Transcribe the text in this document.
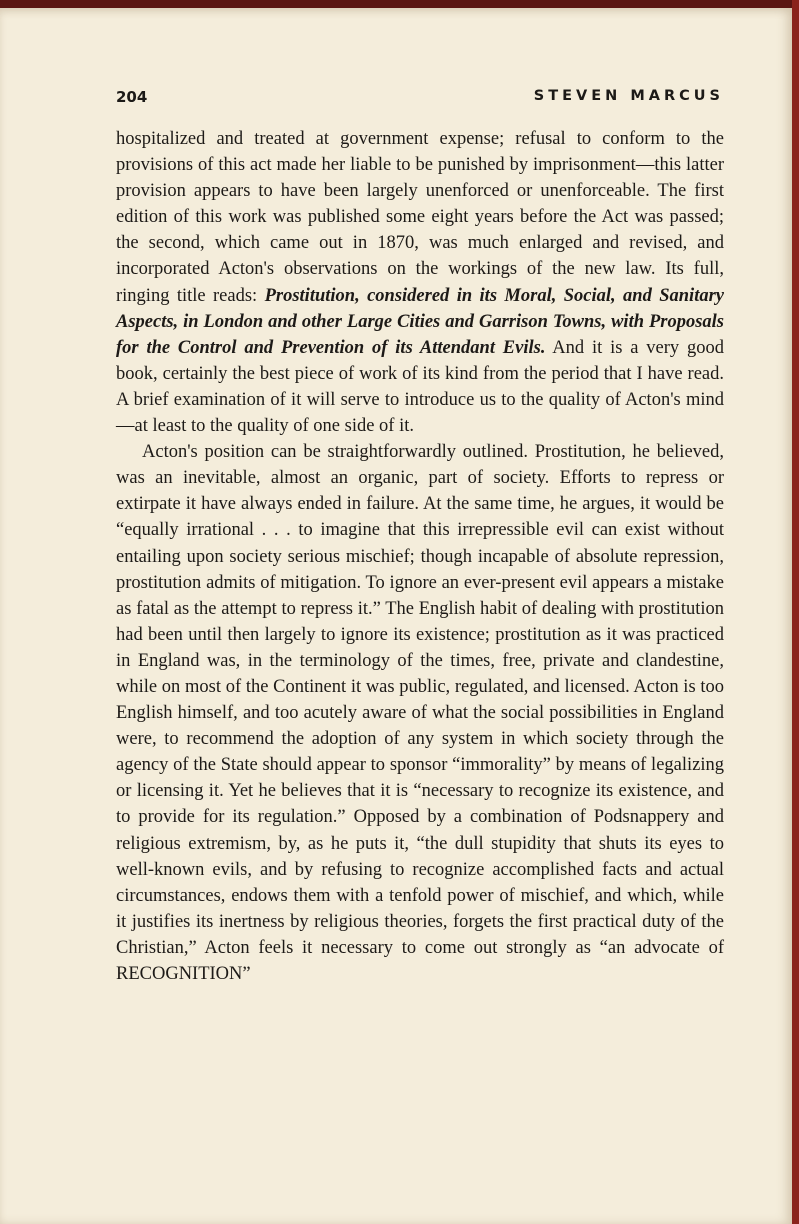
204	STEVEN MARCUS

hospitalized and treated at government expense; refusal to conform to the provisions of this act made her liable to be punished by imprisonment—this latter provision appears to have been largely unenforced or unenforceable. The first edition of this work was published some eight years before the Act was passed; the second, which came out in 1870, was much enlarged and revised, and incorporated Acton's observations on the workings of the new law. Its full, ringing title reads: Prostitution, considered in its Moral, Social, and Sanitary Aspects, in London and other Large Cities and Garrison Towns, with Proposals for the Control and Prevention of its Attendant Evils. And it is a very good book, certainly the best piece of work of its kind from the period that I have read. A brief examination of it will serve to introduce us to the quality of Acton's mind—at least to the quality of one side of it.

Acton's position can be straightforwardly outlined. Prostitution, he believed, was an inevitable, almost an organic, part of society. Efforts to repress or extirpate it have always ended in failure. At the same time, he argues, it would be “equally irrational . . . to imagine that this irrepressible evil can exist without entailing upon society serious mischief; though incapable of absolute repression, prostitution admits of mitigation. To ignore an ever-present evil appears a mistake as fatal as the attempt to repress it.” The English habit of dealing with prostitution had been until then largely to ignore its existence; prostitution as it was practiced in England was, in the terminology of the times, free, private and clandestine, while on most of the Continent it was public, regulated, and licensed. Acton is too English himself, and too acutely aware of what the social possibilities in England were, to recommend the adoption of any system in which society through the agency of the State should appear to sponsor “immorality” by means of legalizing or licensing it. Yet he believes that it is “necessary to recognize its existence, and to provide for its regulation.” Opposed by a combination of Podsnappery and religious extremism, by, as he puts it, “the dull stupidity that shuts its eyes to well-known evils, and by refusing to recognize accomplished facts and actual circumstances, endows them with a tenfold power of mischief, and which, while it justifies its inertness by religious theories, forgets the first practical duty of the Christian,” Acton feels it necessary to come out strongly as “an advocate of RECOGNITION”
